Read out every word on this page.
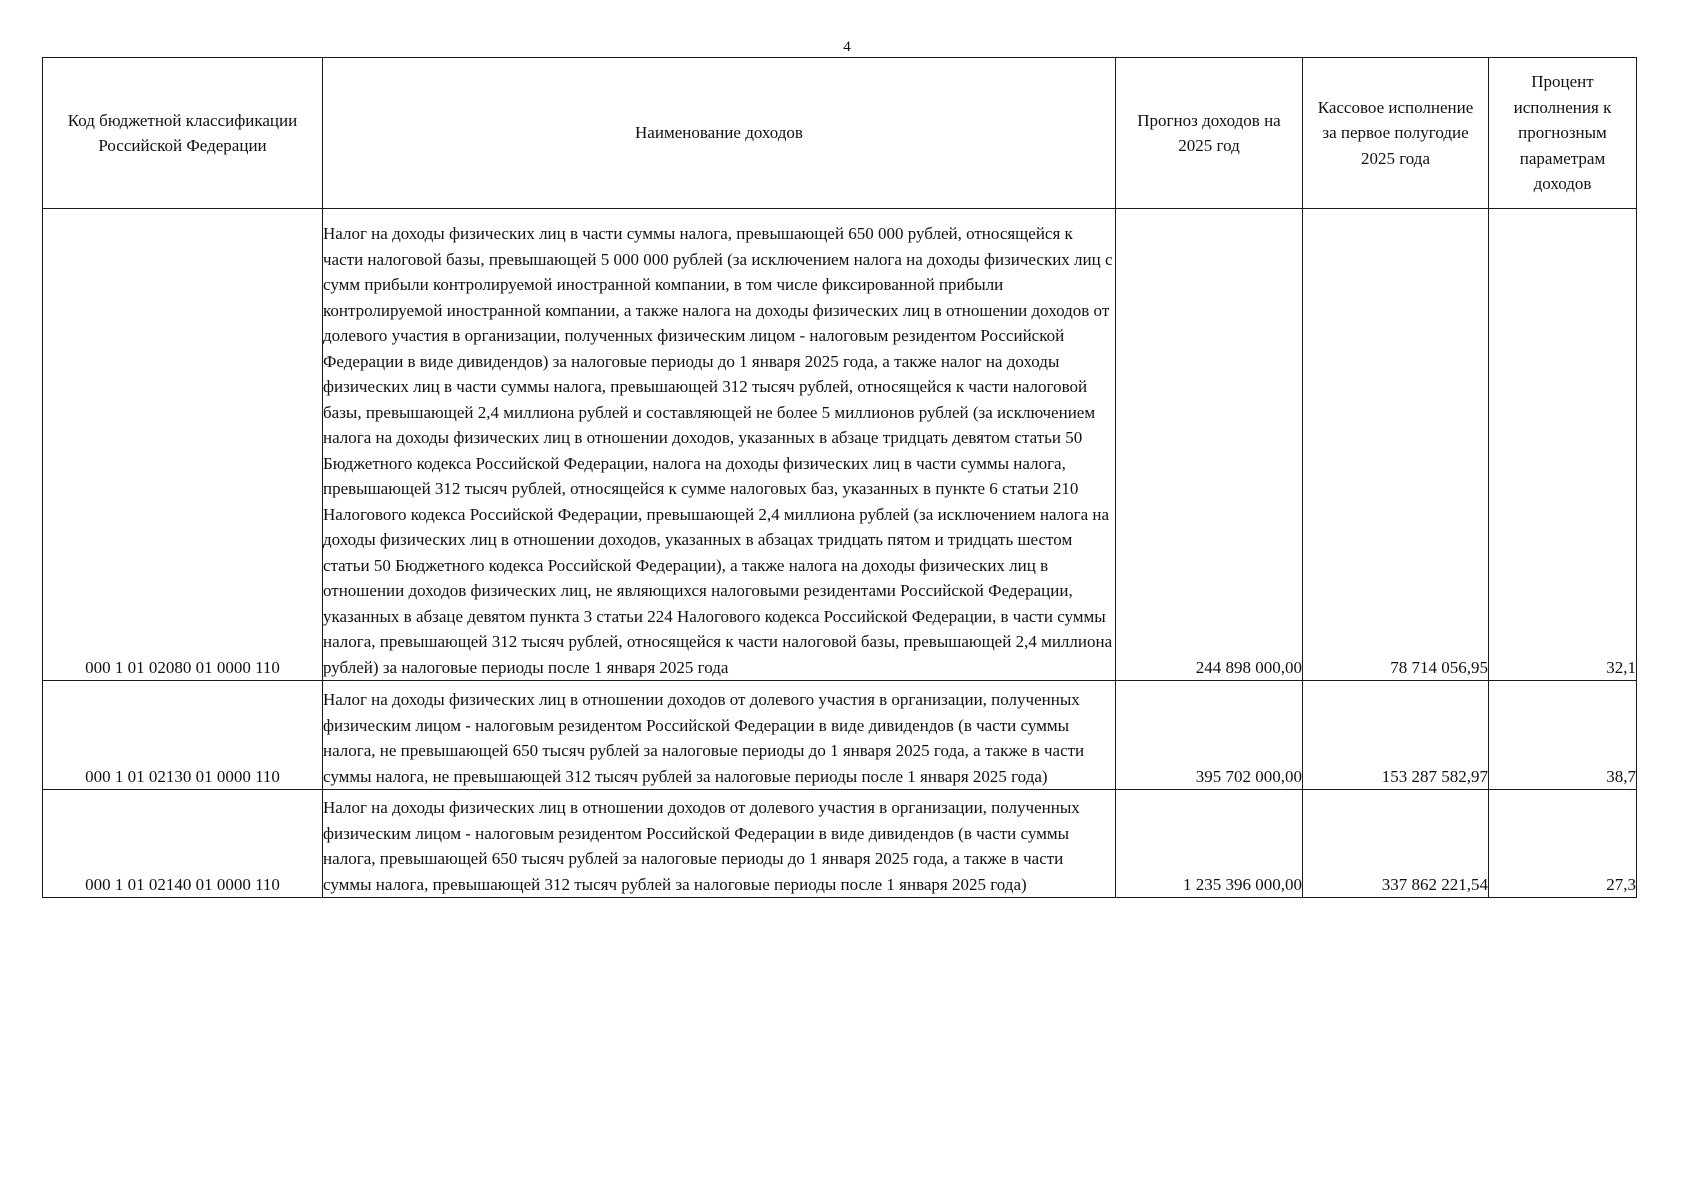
4
Код бюджетной классификации Российской Федерации	Наименование доходов	Прогноз доходов на 2025 год	Кассовое исполнение за первое полугодие 2025 года	Процент исполнения к прогнозным параметрам доходов
000 1 01 02080 01 0000 110	Налог на доходы физических лиц в части суммы налога, превышающей 650 000 рублей, относящейся к части налоговой базы, превышающей 5 000 000 рублей (за исключением налога на доходы физических лиц с сумм прибыли контролируемой иностранной компании, в том числе фиксированной прибыли контролируемой иностранной компании, а также налога на доходы физических лиц в отношении доходов от долевого участия в организации, полученных физическим лицом - налоговым резидентом Российской Федерации в виде дивидендов) за налоговые периоды до 1 января 2025 года, а также налог на доходы физических лиц в части суммы налога, превышающей 312 тысяч рублей, относящейся к части налоговой базы, превышающей 2,4 миллиона рублей и составляющей не более 5 миллионов рублей (за исключением налога на доходы физических лиц в отношении доходов, указанных в абзаце тридцать девятом статьи 50 Бюджетного кодекса Российской Федерации, налога на доходы физических лиц в части суммы налога, превышающей 312 тысяч рублей, относящейся к сумме налоговых баз, указанных в пункте 6 статьи 210 Налогового кодекса Российской Федерации, превышающей 2,4 миллиона рублей (за исключением налога на доходы физических лиц в отношении доходов, указанных в абзацах тридцать пятом и тридцать шестом статьи 50 Бюджетного кодекса Российской Федерации), а также налога на доходы физических лиц в отношении доходов физических лиц, не являющихся налоговыми резидентами Российской Федерации, указанных в абзаце девятом пункта 3 статьи 224 Налогового кодекса Российской Федерации, в части суммы налога, превышающей 312 тысяч рублей, относящейся к части налоговой базы, превышающей 2,4 миллиона рублей) за налоговые периоды после 1 января 2025 года	244 898 000,00	78 714 056,95	32,1
000 1 01 02130 01 0000 110	Налог на доходы физических лиц в отношении доходов от долевого участия в организации, полученных физическим лицом - налоговым резидентом Российской Федерации в виде дивидендов (в части суммы налога, не превышающей 650 тысяч рублей за налоговые периоды до 1 января 2025 года, а также в части суммы налога, не превышающей 312 тысяч рублей за налоговые периоды после 1 января 2025 года)	395 702 000,00	153 287 582,97	38,7
000 1 01 02140 01 0000 110	Налог на доходы физических лиц в отношении доходов от долевого участия в организации, полученных физическим лицом - налоговым резидентом Российской Федерации в виде дивидендов (в части суммы налога, превышающей 650 тысяч рублей за налоговые периоды до 1 января 2025 года, а также в части суммы налога, превышающей 312 тысяч рублей за налоговые периоды после 1 января 2025 года)	1 235 396 000,00	337 862 221,54	27,3
